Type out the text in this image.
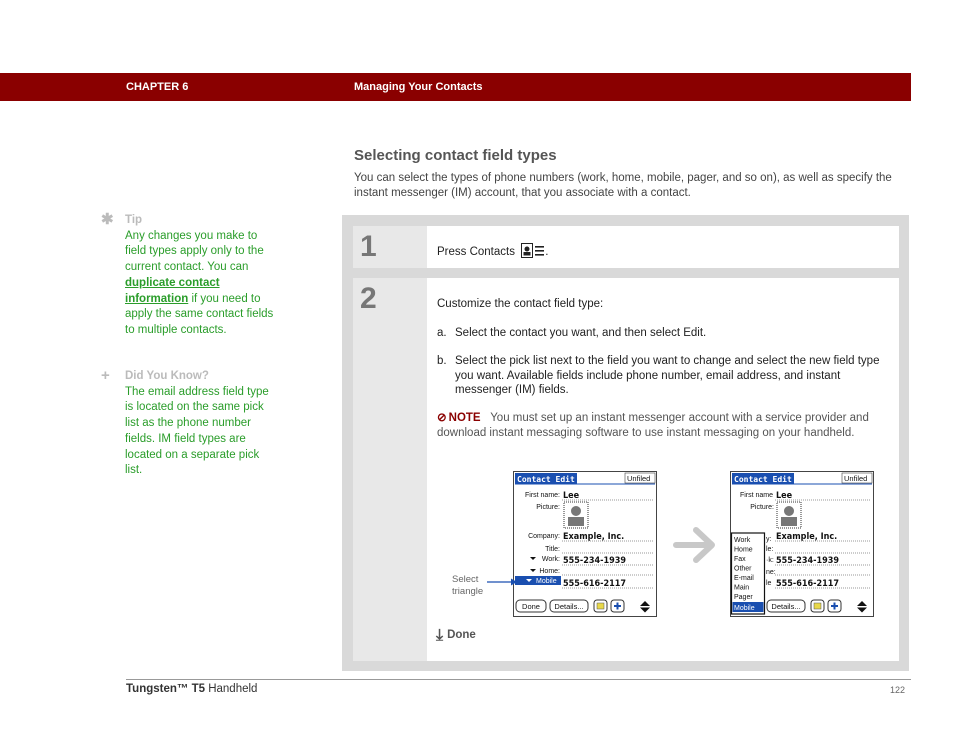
CHAPTER 6	Managing Your Contacts
Selecting contact field types
You can select the types of phone numbers (work, home, mobile, pager, and so on), as well as specify the instant messenger (IM) account, that you associate with a contact.
✱ Tip
Any changes you make to field types apply only to the current contact. You can duplicate contact information if you need to apply the same contact fields to multiple contacts.
+ Did You Know?
The email address field type is located on the same pick list as the phone number fields. IM field types are located on a separate pick list.
1	Press Contacts	.
2	Customize the contact field type:
a. Select the contact you want, and then select Edit.
b. Select the pick list next to the field you want to change and select the new field type you want. Available fields include phone number, email address, and instant messenger (IM) fields.
⊘ NOTE You must set up an instant messenger account with a service provider and download instant messaging software to use instant messaging on your handheld.
Contact Edit	Unfiled
First name: Lee
Picture:
Company: Example, Inc.
Title:
Work: 555-234-1939
Home:
Mobile 555-616-2117
Done Details...
Select
triangle
Contact Edit	Unfiled
First name Lee
Picture:
Example, Inc.
555-234-1939
555-616-2117
Work
Home
Fax
Other
E-mail
Main
Pager
Mobile
y:
le:
·k:
ne:
le
Details...
⤓ Done
Tungsten™ T5 Handheld	122
